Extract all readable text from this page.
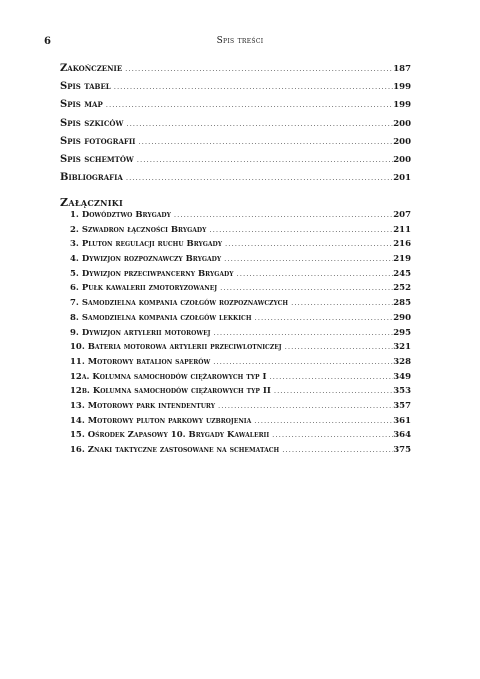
6	Spis treści
Zakończenie .....	187
Spis tabel .....	199
Spis map .....	199
Spis szkiców .....	200
Spis fotografii .....	200
Spis schemtów .....	200
Bibliografia .....	201
Załączniki
1. Dowództwo Brygady .....	207
2. Szwadron łączności Brygady .....	211
3. Pluton regulacji ruchu Brygady .....	216
4. Dywizjon rozpoznawczy Brygady .....	219
5. Dywizjon przeciwpancerny Brygady .....	245
6. Pułk kawalerii zmotoryzowanej .....	252
7. Samodzielna kompania czołgów rozpoznawczych .....	285
8. Samodzielna kompania czołgów lekkich .....	290
9. Dywizjon artylerii motorowej .....	295
10. Bateria motorowa artylerii przeciwlotniczej .....	321
11. Motorowy batalion saperów .....	328
12a. Kolumna samochodów ciężarowych typ I .....	349
12b. Kolumna samochodów ciężarowych typ II .....	353
13. Motorowy park intendentury .....	357
14. Motorowy pluton parkowy uzbrojenia .....	361
15. Ośrodek Zapasowy 10. Brygady Kawalerii .....	364
16. Znaki taktyczne zastosowane na schematach .....	375
